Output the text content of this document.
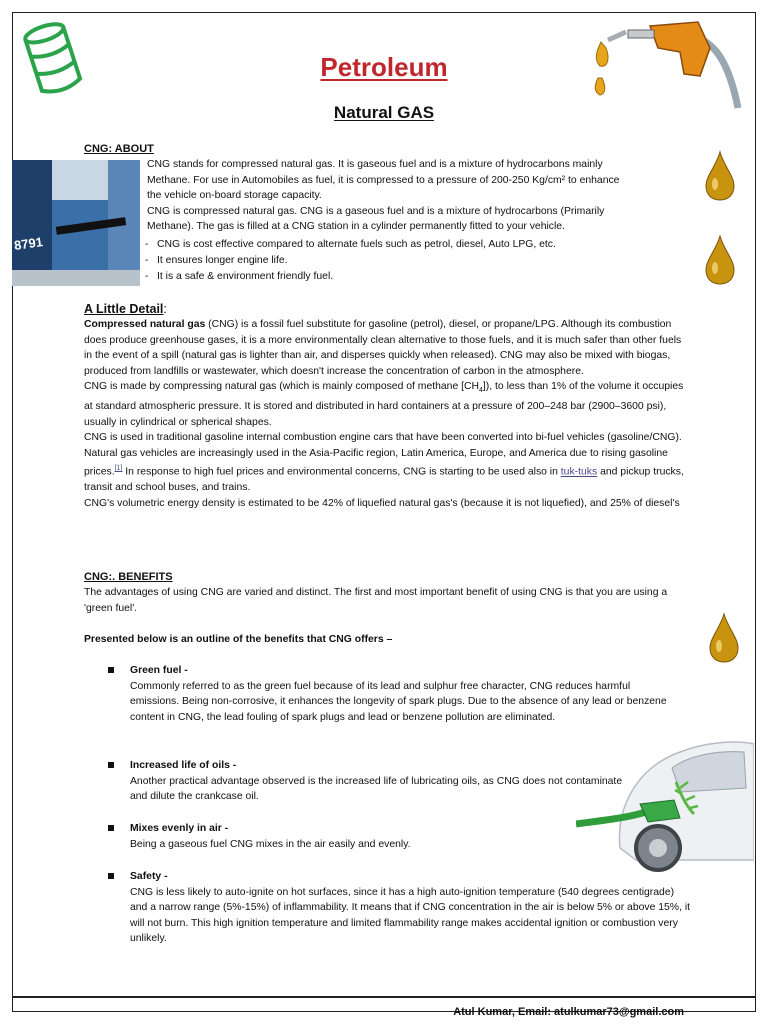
Petroleum
Natural GAS
CNG: ABOUT
8791
CNG stands for compressed natural gas. It is gaseous fuel and is a mixture of hydrocarbons mainly
Methane. For use in Automobiles as fuel, it is compressed to a pressure of 200-250 Kg/cm² to enhance
the vehicle on-board storage capacity.
CNG is compressed natural gas. CNG is a gaseous fuel and is a mixture of hydrocarbons (Primarily
Methane). The gas is filled at a CNG station in a cylinder permanently fitted to your vehicle.
- CNG is cost effective compared to alternate fuels such as petrol, diesel, Auto LPG, etc.
- It ensures longer engine life.
- It is a safe & environment friendly fuel.
A Little Detail:
Compressed natural gas (CNG) is a fossil fuel substitute for gasoline (petrol), diesel, or propane/LPG. Although its combustion does produce greenhouse gases, it is a more environmentally clean alternative to those fuels, and it is much safer than other fuels in the event of a spill (natural gas is lighter than air, and disperses quickly when released). CNG may also be mixed with biogas, produced from landfills or wastewater, which doesn't increase the concentration of carbon in the atmosphere.
CNG is made by compressing natural gas (which is mainly composed of methane $[CH_4]$), to less than 1% of the volume it occupies at standard atmospheric pressure. It is stored and distributed in hard containers at a pressure of 200–248 bar (2900–3600 psi), usually in cylindrical or spherical shapes.
CNG is used in traditional gasoline internal combustion engine cars that have been converted into bi-fuel vehicles (gasoline/CNG). Natural gas vehicles are increasingly used in the Asia-Pacific region, Latin America, Europe, and America due to rising gasoline prices.[1] In response to high fuel prices and environmental concerns, CNG is starting to be used also in tuk-tuks and pickup trucks, transit and school buses, and trains.
CNG's volumetric energy density is estimated to be 42% of liquefied natural gas's (because it is not liquefied), and 25% of diesel's
CNG:. BENEFITS
The advantages of using CNG are varied and distinct. The first and most important benefit of using CNG is that you are using a 'green fuel'.
Presented below is an outline of the benefits that CNG offers –
Green fuel -
Commonly referred to as the green fuel because of its lead and sulphur free character, CNG reduces harmful emissions. Being non-corrosive, it enhances the longevity of spark plugs. Due to the absence of any lead or benzene content in CNG, the lead fouling of spark plugs and lead or benzene pollution are eliminated.
Increased life of oils -
Another practical advantage observed is the increased life of lubricating oils, as CNG does not contaminate and dilute the crankcase oil.
Mixes evenly in air -
Being a gaseous fuel CNG mixes in the air easily and evenly.
Safety -
CNG is less likely to auto-ignite on hot surfaces, since it has a high auto-ignition temperature (540 degrees centigrade) and a narrow range (5%-15%) of inflammability. It means that if CNG concentration in the air is below 5% or above 15%, it will not burn. This high ignition temperature and limited flammability range makes accidental ignition or combustion very unlikely.
Atul Kumar, Email: atulkumar73@gmail.com
